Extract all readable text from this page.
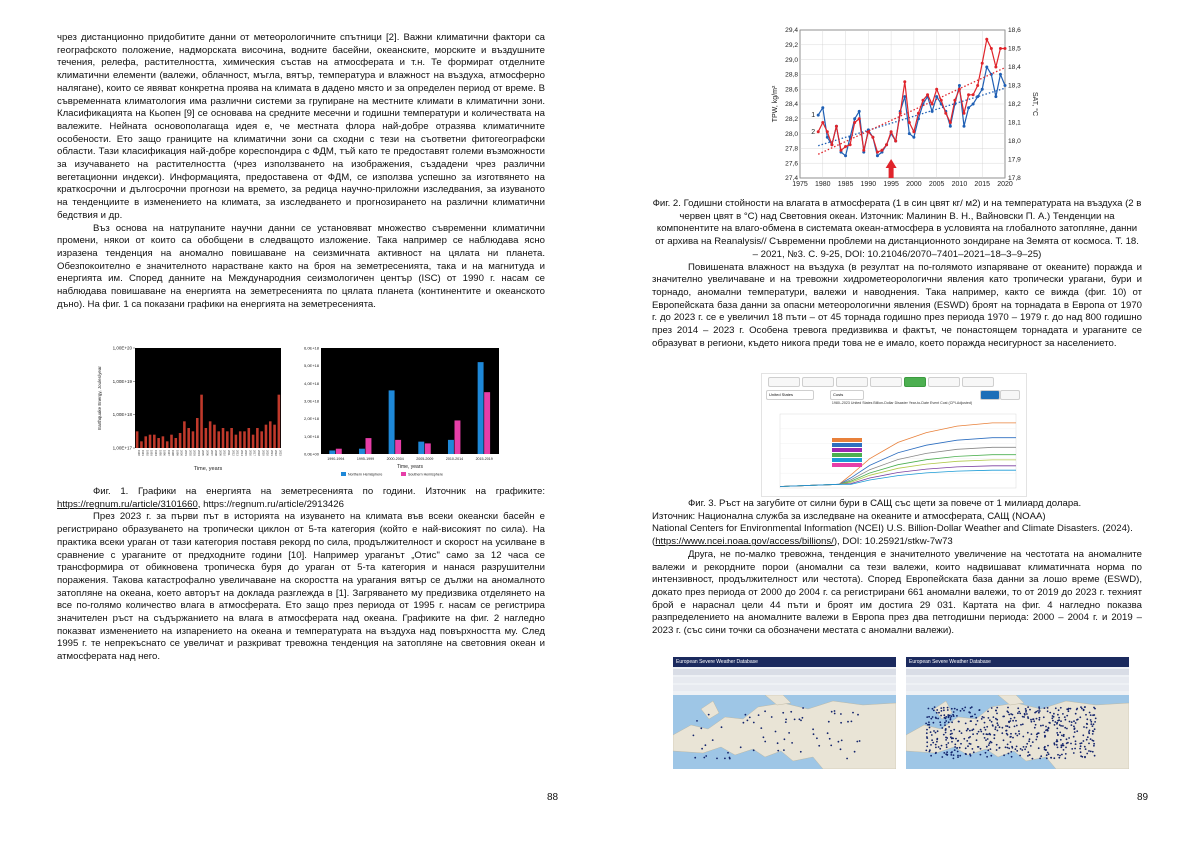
чрез дистанционно придобитите данни от метеорологичните спътници [2]. Важни климатични фактори са географското положение, надморската височина, водните басейни, океанските, морските и въздушните течения, релефа, растителността, химическия състав на атмосферата и т.н. Те формират отделните климатични елементи (валежи, облачност, мъгла, вятър, температура и влажност на въздуха, атмосферно налягане), които се явяват конкретна проява на климата в дадено място и за определен период от време. В съвременната климатология има различни системи за групиране на местните климати в климатични зони. Класификацията на Кьопен [9] се основава на средните месечни и годишни температури и количествата на валежите. Нейната основополагаща идея е, че местната флора най-добре отразява климатичните особености. Ето защо границите на климатични зони са сходни с тези на съответни фитогеографски области. Тази класификация най-добре кореспондира с ФДМ, тъй като те предоставят големи възможности за изучаването на растителността (чрез използването на изображения, създадени чрез различни вегетационни индекси). Информацията, предоставена от ФДМ, се използва успешно за изготвянето на краткосрочни и дългосрочни прогнози на времето, за редица научно-приложни изследвания, за изуваното на тенденциите в изменението на климата, за изследването и прогнозирането на различни климатични бедствия и др.

Въз основа на натрупаните научни данни се установяват множество съвременни климатични промени, някои от които са обобщени в следващото изложение. Така например се наблюдава ясно изразена тенденция на аномално повишаване на сеизмичната активност на цялата ни планета. Обезпокоително е значителното нарастване както на броя на земетресенията, така и на магнитуда и енергията им. Според данните на Международния сеизмологичен център (ISC) от 1990 г. насам се наблюдава повишаване на енергията на земетресенията по цялата планета (континентите и океанското дъно). На фиг. 1 са показани графики на енергията на земетресенията.

1,00E+20
1,00E+19
1,00E+18
1,00E+17
1990 1991 1992 1993 1994 1995 1996 1997 1998 1999 2000 2001 2002 2003 2004 2005 2006 2007 2008 2009 2010 2011 2012 2013 2014 2015 2016 2017 2018 2019 2020 2021 2022 2023
Time, years
Earthquake Energy, Joules/year
0,0E+00
1,0E+18
2,0E+18
3,0E+18
4,0E+18
5,0E+18
6,0E+18
1990-1994	1995-1999	2000-2004	2005-2009	2010-2014	2015-2019
Time, years
Northern Hemisphere	Southern Hemisphere

Фиг. 1. Графики на енергията на земетресенията по години. Източник на графиките: https://regnum.ru/article/3101660, https://regnum.ru/article/2913426

През 2023 г. за първи път в историята на изуването на климата във всеки океански басейн е регистрирано образуването на тропически циклон от 5-та категория (който е най-високият по сила). На практика всеки ураган от тази категория поставя рекорд по сила, продължителност и скорост на усилване в сравнение с ураганите от предходните години [10]. Например ураганът „Отис" само за 12 часа се трансформира от обикновена тропическа буря до ураган от 5-та категория и нанася разрушителни поражения. Такова катастрофално увеличаване на скоростта на урагания вятър се дължи на аномалното затопляне на океана, което авторът на доклада разглежда в [1]. Загряването му предизвика отделянето на все по-голямо количество влага в атмосферата. Ето защо през периода от 1995 г. насам се регистрира значителен ръст на съдържанието на влага в атмосферата над океана. Графиките на фиг. 2 нагледно показват изменението на изпарението на океана и температурата на въздуха над повърхността му. След 1995 г. те непрекъснато се увеличат и разкриват тревожна тенденция на затопляне на световния океан и атмосферата над него.

88
1975 1980 1985 1990 1995 2000 2005 2010 2015 2020
27,4
27,6
27,8
28,0
28,2
28,4
28,6
28,8
29,0
29,2
29,4
17,8
17,9
18,0
18,1
18,2
18,3
18,4
18,5
18,6
TPW, kg/m²	SAT, °C
1
2

Фиг. 2. Годишни стойности на влагата в атмосферата (1 в син цвят кг/ м2) и на температурата на въздуха (2 в червен цвят в °С) над Световния океан. Източник: Малинин В. Н., Вайновски П. А.) Тенденции на компонентите на влаго-обмена в системата океан-атмосфера в условията на глобалното затопляне, данни от архива на Reanalysis// Съвременни проблеми на дистанционното зондиране на Земята от космоса. Т. 18. – 2021, №3. С. 9-25, DOI: 10.21046/2070–7401–2021–18–3–9–25)

Повишената влажност на въздуха (в резултат на по-голямото изпаряване от океаните) поражда и значително увеличаване и на тревожни хидрометеорологични явления като тропически урагани, бури и торнадо, аномални температури, валежи и наводнения. Така например, както се вижда (фиг. 10) от Европейската база данни за опасни метеорологични явления (ESWD) броят на торнадата в Европа от 1970 г. до 2023 г. се е увеличил 18 пъти – от 45 торнада годишно през периода 1970 – 1979 г. до над 800 годишно през 2014 – 2023 г. Особена тревога предизвиква и фактът, че понастоящем торнадата и ураганите се образуват в региони, където никога преди това не е имало, което поражда несигурност за населението.

United States	Costs
1980–2023 United States Billion-Dollar Disaster Year-to-Date Event Cost (CPI-Adjusted)

Фиг. 3. Ръст на загубите от силни бури в САЩ със щети за повече от 1 милиард долара.

Източник: Национална служба за изследване на океаните и атмосферата, САЩ (NOAA)

National Centers for Environmental Information (NCEI) U.S. Billion-Dollar Weather and Climate Disasters. (2024). (https://www.ncei.noaa.gov/access/billions/), DOI: 10.25921/stkw-7w73

Друга, не по-малко тревожна, тенденция е значителното увеличение на честотата на аномалните валежи и рекордните порои (аномални са тези валежи, които надвишават климатичната норма по интензивност, продължителност или честота). Според Европейската база данни за лошо време (ESWD), докато през периода от 2000 до 2004 г. са регистрирани 661 аномални валежи, то от 2019 до 2023 г. техният брой е нараснал цели 44 пъти и броят им достига 29 031. Картата на фиг. 4 нагледно показва разпределението на аномалните валежи в Европа през два петгодишни периода: 2000 – 2004 г. и 2019 – 2023 г. (със сини точки са обозначени местата с аномални валежи).

European Severe Weather Database	European Severe Weather Database
89
